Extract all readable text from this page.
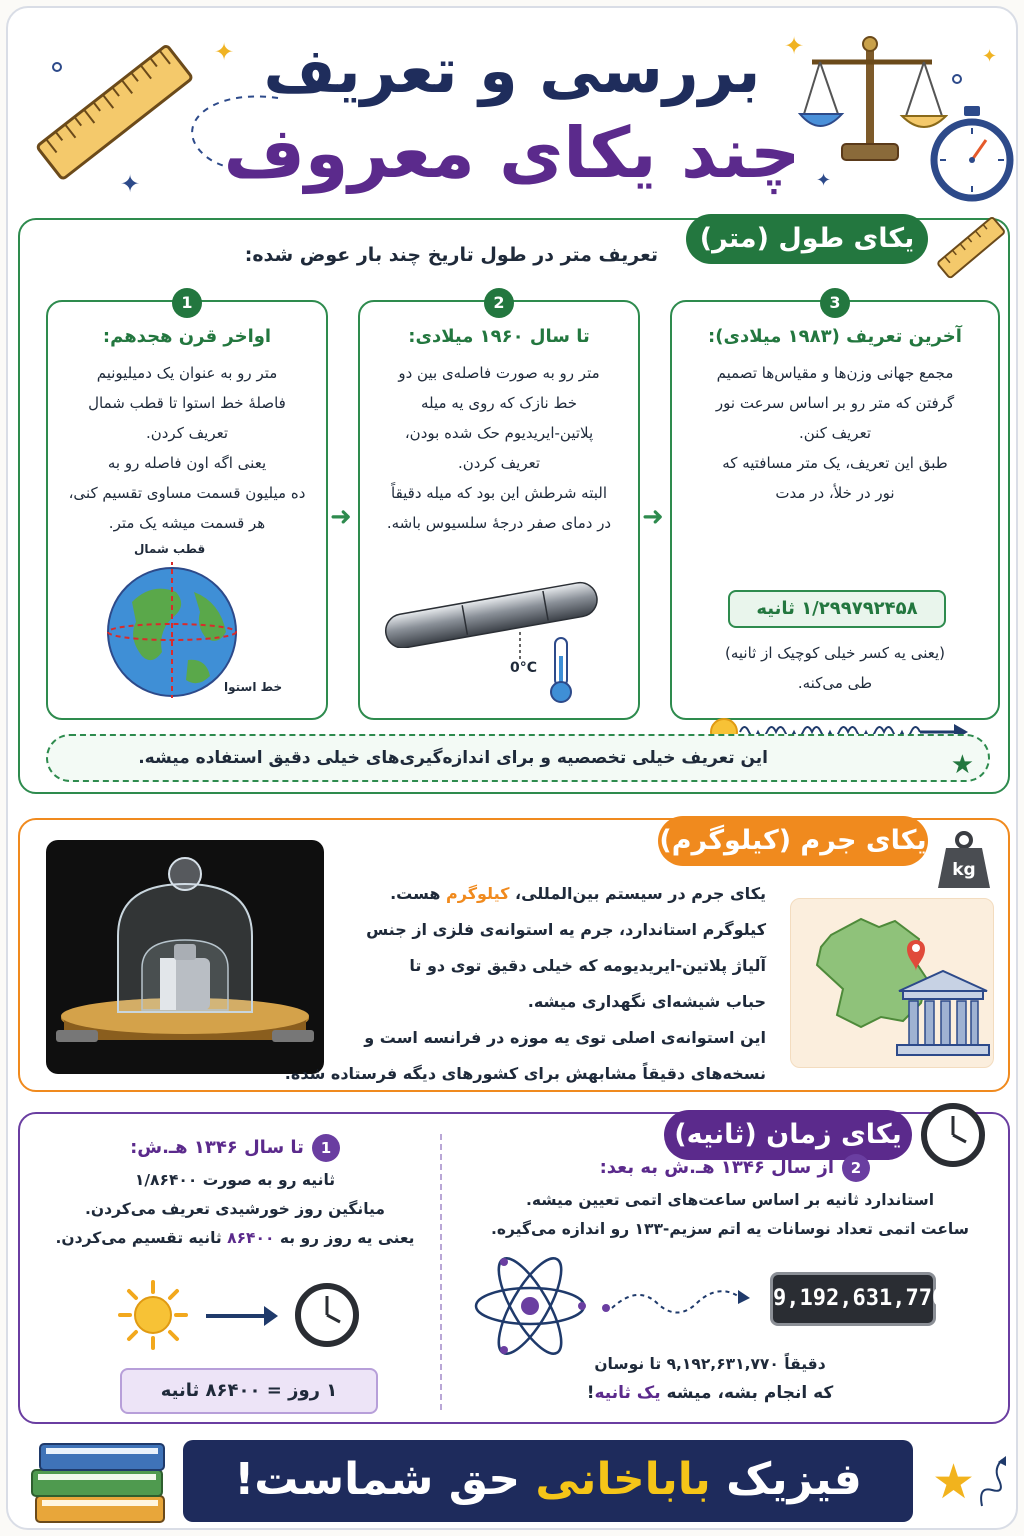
✦
✦
✦	✦
✦
بررسی و تعریف
چند یکای معروف
یکای طول (متر)
تعریف متر در طول تاریخ چند بار عوض شده:
1
اواخر قرن هجدهم:
متر رو به عنوان یک دمیلیونیم
فاصلهٔ خط استوا تا قطب شمال
تعریف کردن.
یعنی اگه اون فاصله رو به
ده میلیون قسمت مساوی تقسیم کنی،
هر قسمت میشه یک متر.
قطب شمال
خط استوا
➜
2
تا سال ۱۹۶۰ میلادی:
متر رو به صورت فاصله‌ی بین دو
خط نازک که روی یه میله
پلاتین-ایریدیوم حک شده بودن،
تعریف کردن.
البته شرطش این بود که میله دقیقاً
در دمای صفر درجهٔ سلسیوس باشه.
0°C
➜
3
آخرین تعریف (۱۹۸۳ میلادی):
مجمع جهانی وزن‌ها و مقیاس‌ها تصمیم
گرفتن که متر رو بر اساس سرعت نور
تعریف کنن.
طبق این تعریف، یک متر مسافتیه که
نور در خلأ، در مدت
۱/۲۹۹۷۹۲۴۵۸ ثانیه
(یعنی یه کسر خیلی کوچیک از ثانیه)
طی می‌کنه.
این تعریف خیلی تخصصیه و برای اندازه‌گیری‌های خیلی دقیق استفاده میشه.	★
یکای جرم (کیلوگرم)
kg
یکای جرم در سیستم بین‌المللی، کیلوگرم هست.
کیلوگرم استاندارد، جرم یه استوانه‌ی فلزی از جنس
آلیاژ پلاتین-ایریدیومه که خیلی دقیق توی دو تا
حباب شیشه‌ای نگهداری میشه.
این استوانه‌ی اصلی توی یه موزه در فرانسه است و
نسخه‌های دقیقاً مشابهش برای کشورهای دیگه فرستاده شده.
یکای زمان (ثانیه)
1تا سال ۱۳۴۶ هـ.ش:
ثانیه رو به صورت ۱/۸۶۴۰۰
میانگین روز خورشیدی تعریف می‌کردن.
یعنی یه روز رو به ۸۶۴۰۰ ثانیه تقسیم می‌کردن.
۱ روز = ۸۶۴۰۰ ثانیه
2از سال ۱۳۴۶ هـ.ش به بعد:
استاندارد ثانیه بر اساس ساعت‌های اتمی تعیین میشه.
ساعت اتمی تعداد نوسانات یه اتم سزیم-۱۳۳ رو اندازه می‌گیره.
9,192,631,770
دقیقاً ۹,۱۹۲,۶۳۱,۷۷۰ تا نوسان
که انجام بشه، میشه یک ثانیه!
فیزیک باباخانی حق شماست!	★
